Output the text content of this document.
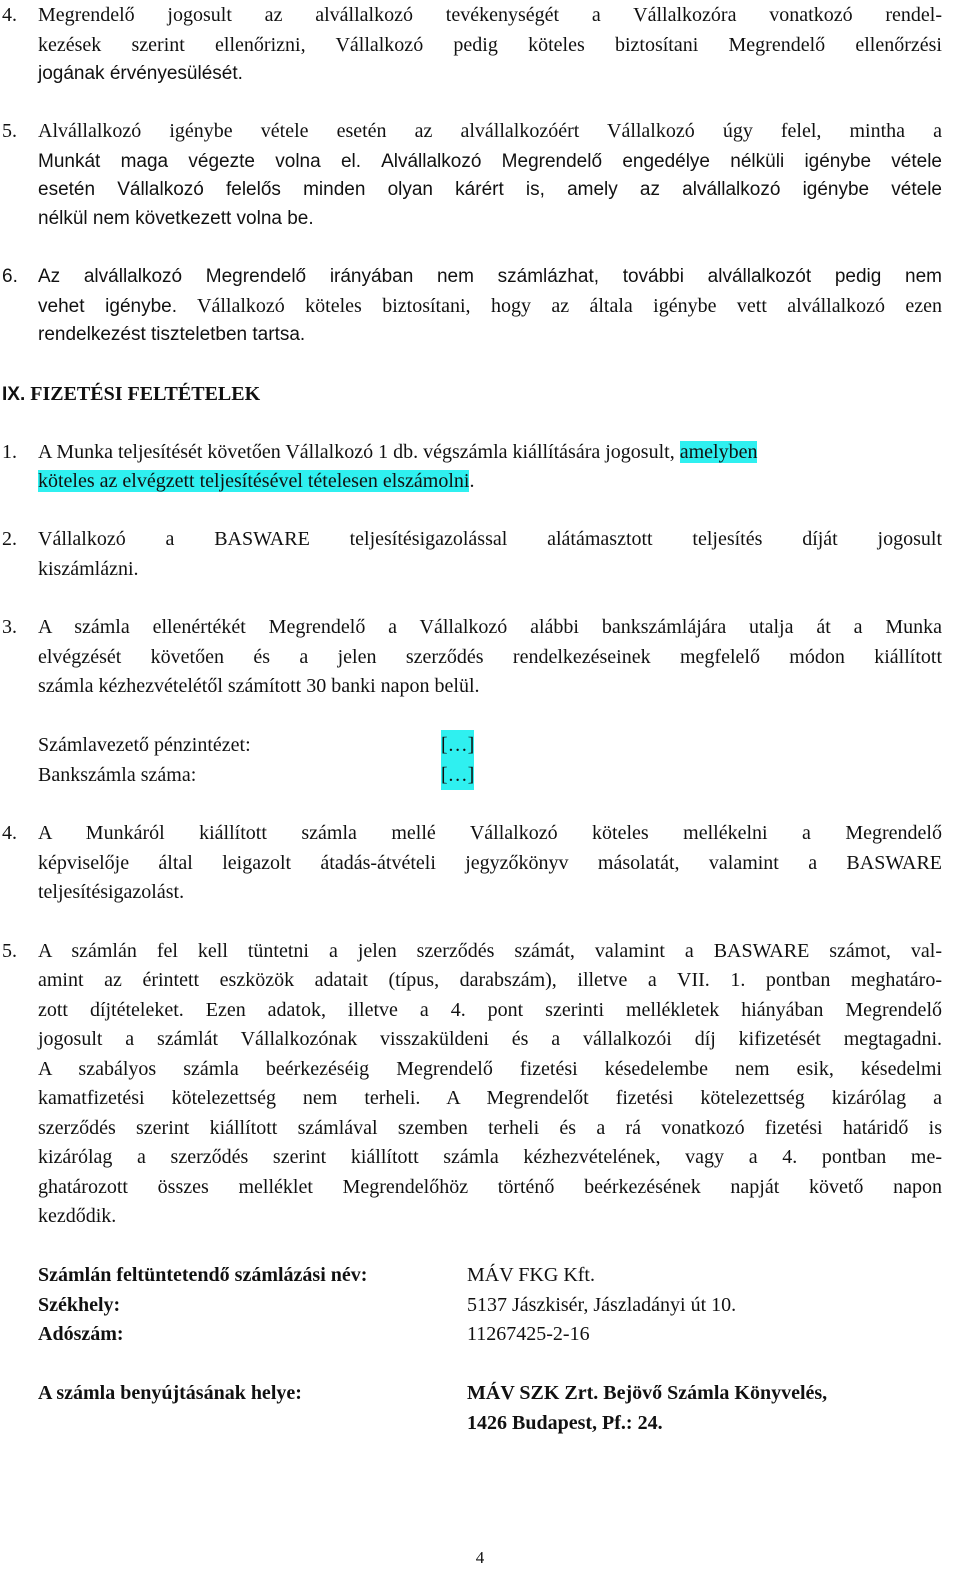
4. Megrendelő jogosult az alvállalkozó tevékenységét a Vállalkozóra vonatkozó rendel-
kezések szerint ellenőrizni, Vállalkozó pedig köteles biztosítani Megrendelő ellenőrzési
jogának érvényesülését.
5. Alvállalkozó igénybe vétele esetén az alvállalkozóért Vállalkozó úgy felel, mintha a
Munkát maga végezte volna el. Alvállalkozó Megrendelő engedélye nélküli igénybe vétele
esetén Vállalkozó felelős minden olyan kárért is, amely az alvállalkozó igénybe vétele
nélkül nem következett volna be.
6. Az alvállalkozó Megrendelő irányában nem számlázhat, további alvállalkozót pedig nem
vehet igénybe. Vállalkozó köteles biztosítani, hogy az általa igénybe vett alvállalkozó ezen
rendelkezést tiszteletben tartsa.
IX. FIZETÉSI FELTÉTELEK
1. A Munka teljesítését követően Vállalkozó 1 db. végszámla kiállítására jogosult, amelyben
köteles az elvégzett teljesítésével tételesen elszámolni.
2. Vállalkozó a BASWARE teljesítésigazolással alátámasztott teljesítés díját jogosult
kiszámlázni.
3. A számla ellenértékét Megrendelő a Vállalkozó alábbi bankszámlájára utalja át a Munka
elvégzését követően és a jelen szerződés rendelkezéseinek megfelelő módon kiállított
számla kézhezvételétől számított 30 banki napon belül.
Számlavezető pénzintézet:	[…]
Bankszámla száma:	[…]
4. A Munkáról kiállított számla mellé Vállalkozó köteles mellékelni a Megrendelő
képviselője által leigazolt átadás-átvételi jegyzőkönyv másolatát, valamint a BASWARE
teljesítésigazolást.
5. A számlán fel kell tüntetni a jelen szerződés számát, valamint a BASWARE számot, val-
amint az érintett eszközök adatait (típus, darabszám), illetve a VII. 1. pontban meghatáro-
zott díjtételeket. Ezen adatok, illetve a 4. pont szerinti mellékletek hiányában Megrendelő
jogosult a számlát Vállalkozónak visszaküldeni és a vállalkozói díj kifizetését megtagadni.
A szabályos számla beérkezéséig Megrendelő fizetési késedelembe nem esik, késedelmi
kamatfizetési kötelezettség nem terheli. A Megrendelőt fizetési kötelezettség kizárólag a
szerződés szerint kiállított számlával szemben terheli és a rá vonatkozó fizetési határidő is
kizárólag a szerződés szerint kiállított számla kézhezvételének, vagy a 4. pontban me-
ghatározott összes melléklet Megrendelőhöz történő beérkezésének napját követő napon
kezdődik.
Számlán feltüntetendő számlázási név:	MÁV FKG Kft.
Székhely:	5137 Jászkisér, Jászladányi út 10.
Adószám:	11267425-2-16
A számla benyújtásának helye:	MÁV SZK Zrt. Bejövő Számla Könyvelés,
1426 Budapest, Pf.: 24.
4
